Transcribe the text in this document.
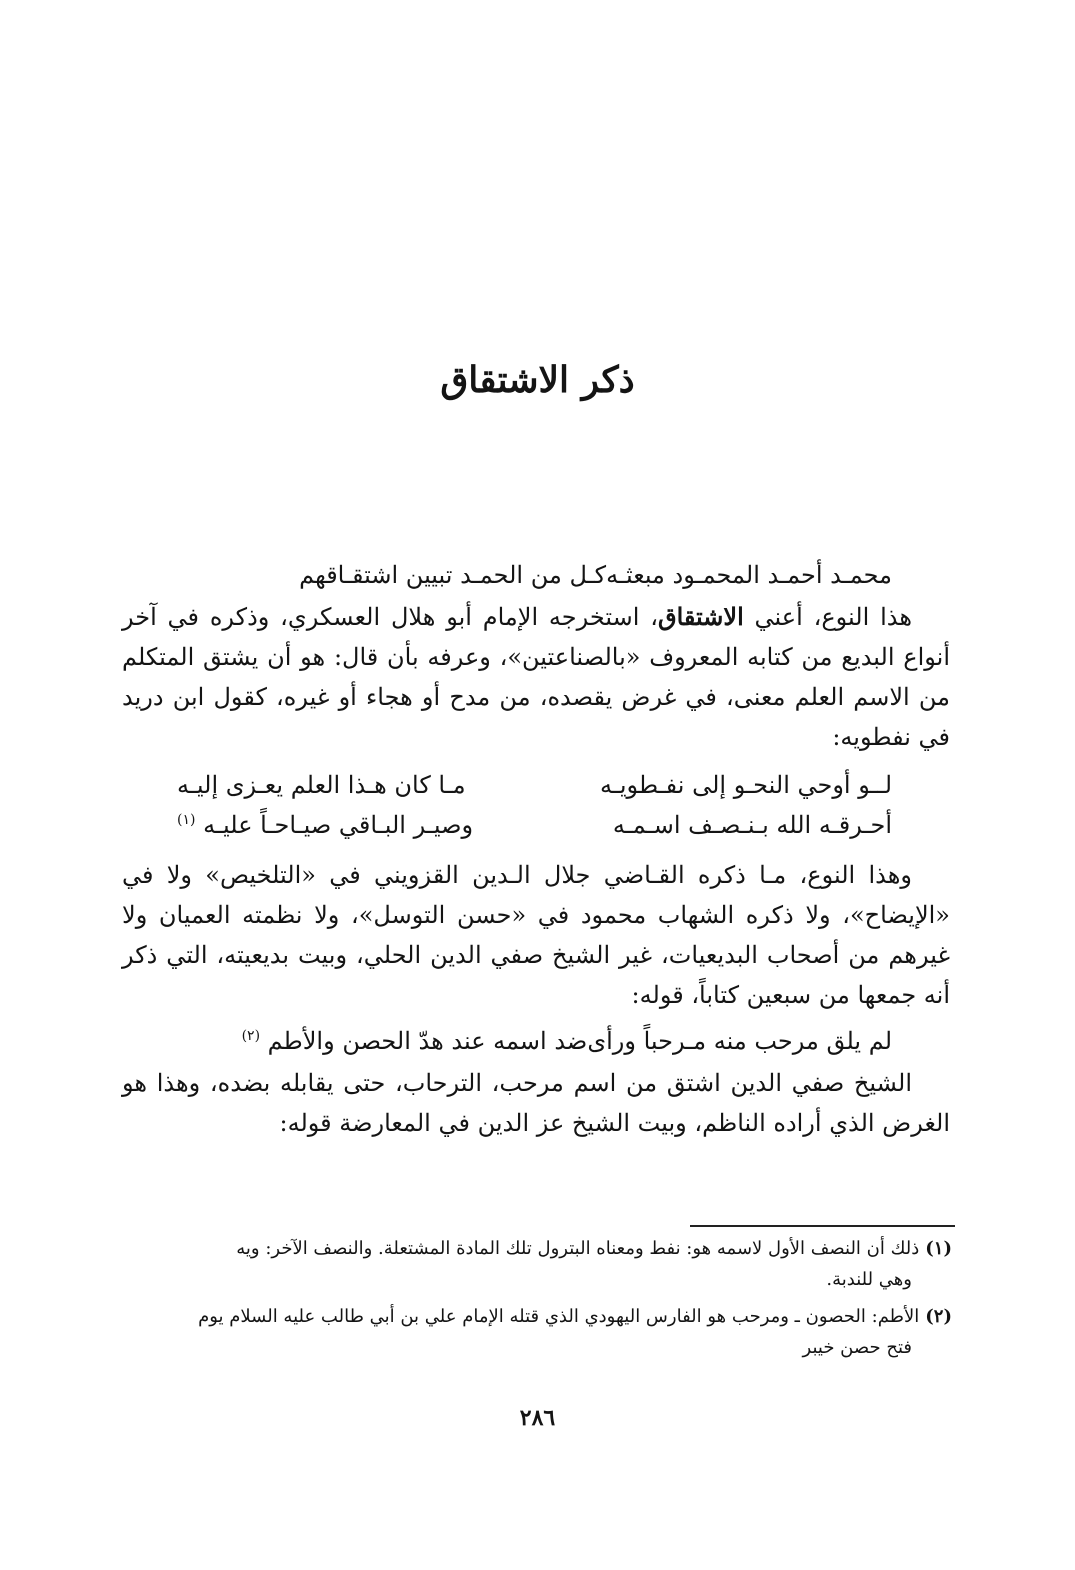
ذكر الاشتقاق
محمـد أحمـد المحمـود مبعثـه
كـل من الحمـد تبيين اشتقـاقهم

هذا النوع، أعني الاشتقاق، استخرجه الإمام أبو هلال العسكري، وذكره في آخر أنواع البديع من كتابه المعروف «بالصناعتين»، وعرفه بأن قال: هو أن يشتق المتكلم من الاسم العلم معنى، في غرض يقصده، من مدح أو هجاء أو غيره، كقول ابن دريد في نفطويه:

لــو أوحي النحـو إلى نفـطويـه
مـا كان هـذا العلم يعـزى إليـه
أحـرقـه الله بـنـصـف اسـمـه
وصيـر البـاقي صيـاحـاً عليـه $^{(١)}$

وهذا النوع، مـا ذكره القـاضي جلال الـدين القزويني في «التلخيص» ولا في «الإيضاح»، ولا ذكره الشهاب محمود في «حسن التوسل»، ولا نظمته العميان ولا غيرهم من أصحاب البديعيات، غير الشيخ صفي الدين الحلي، وبيت بديعيته، التي ذكر أنه جمعها من سبعين كتاباً، قوله:

لم يلق مرحب منه مـرحباً ورأى
ضد اسمه عند هدّ الحصن والأطم $^{(٢)}$

الشيخ صفي الدين اشتق من اسم مرحب، الترحاب، حتى يقابله بضده، وهذا هو الغرض الذي أراده الناظم، وبيت الشيخ عز الدين في المعارضة قوله:

(١)ذلك أن النصف الأول لاسمه هو: نفط ومعناه البترول تلك المادة المشتعلة. والنصف الآخر: ويه
وهي للندبة.
(٢)الأطم: الحصون ـ ومرحب هو الفارس اليهودي الذي قتله الإمام علي بن أبي طالب عليه السلام يوم
فتح حصن خيبر
٢٨٦
